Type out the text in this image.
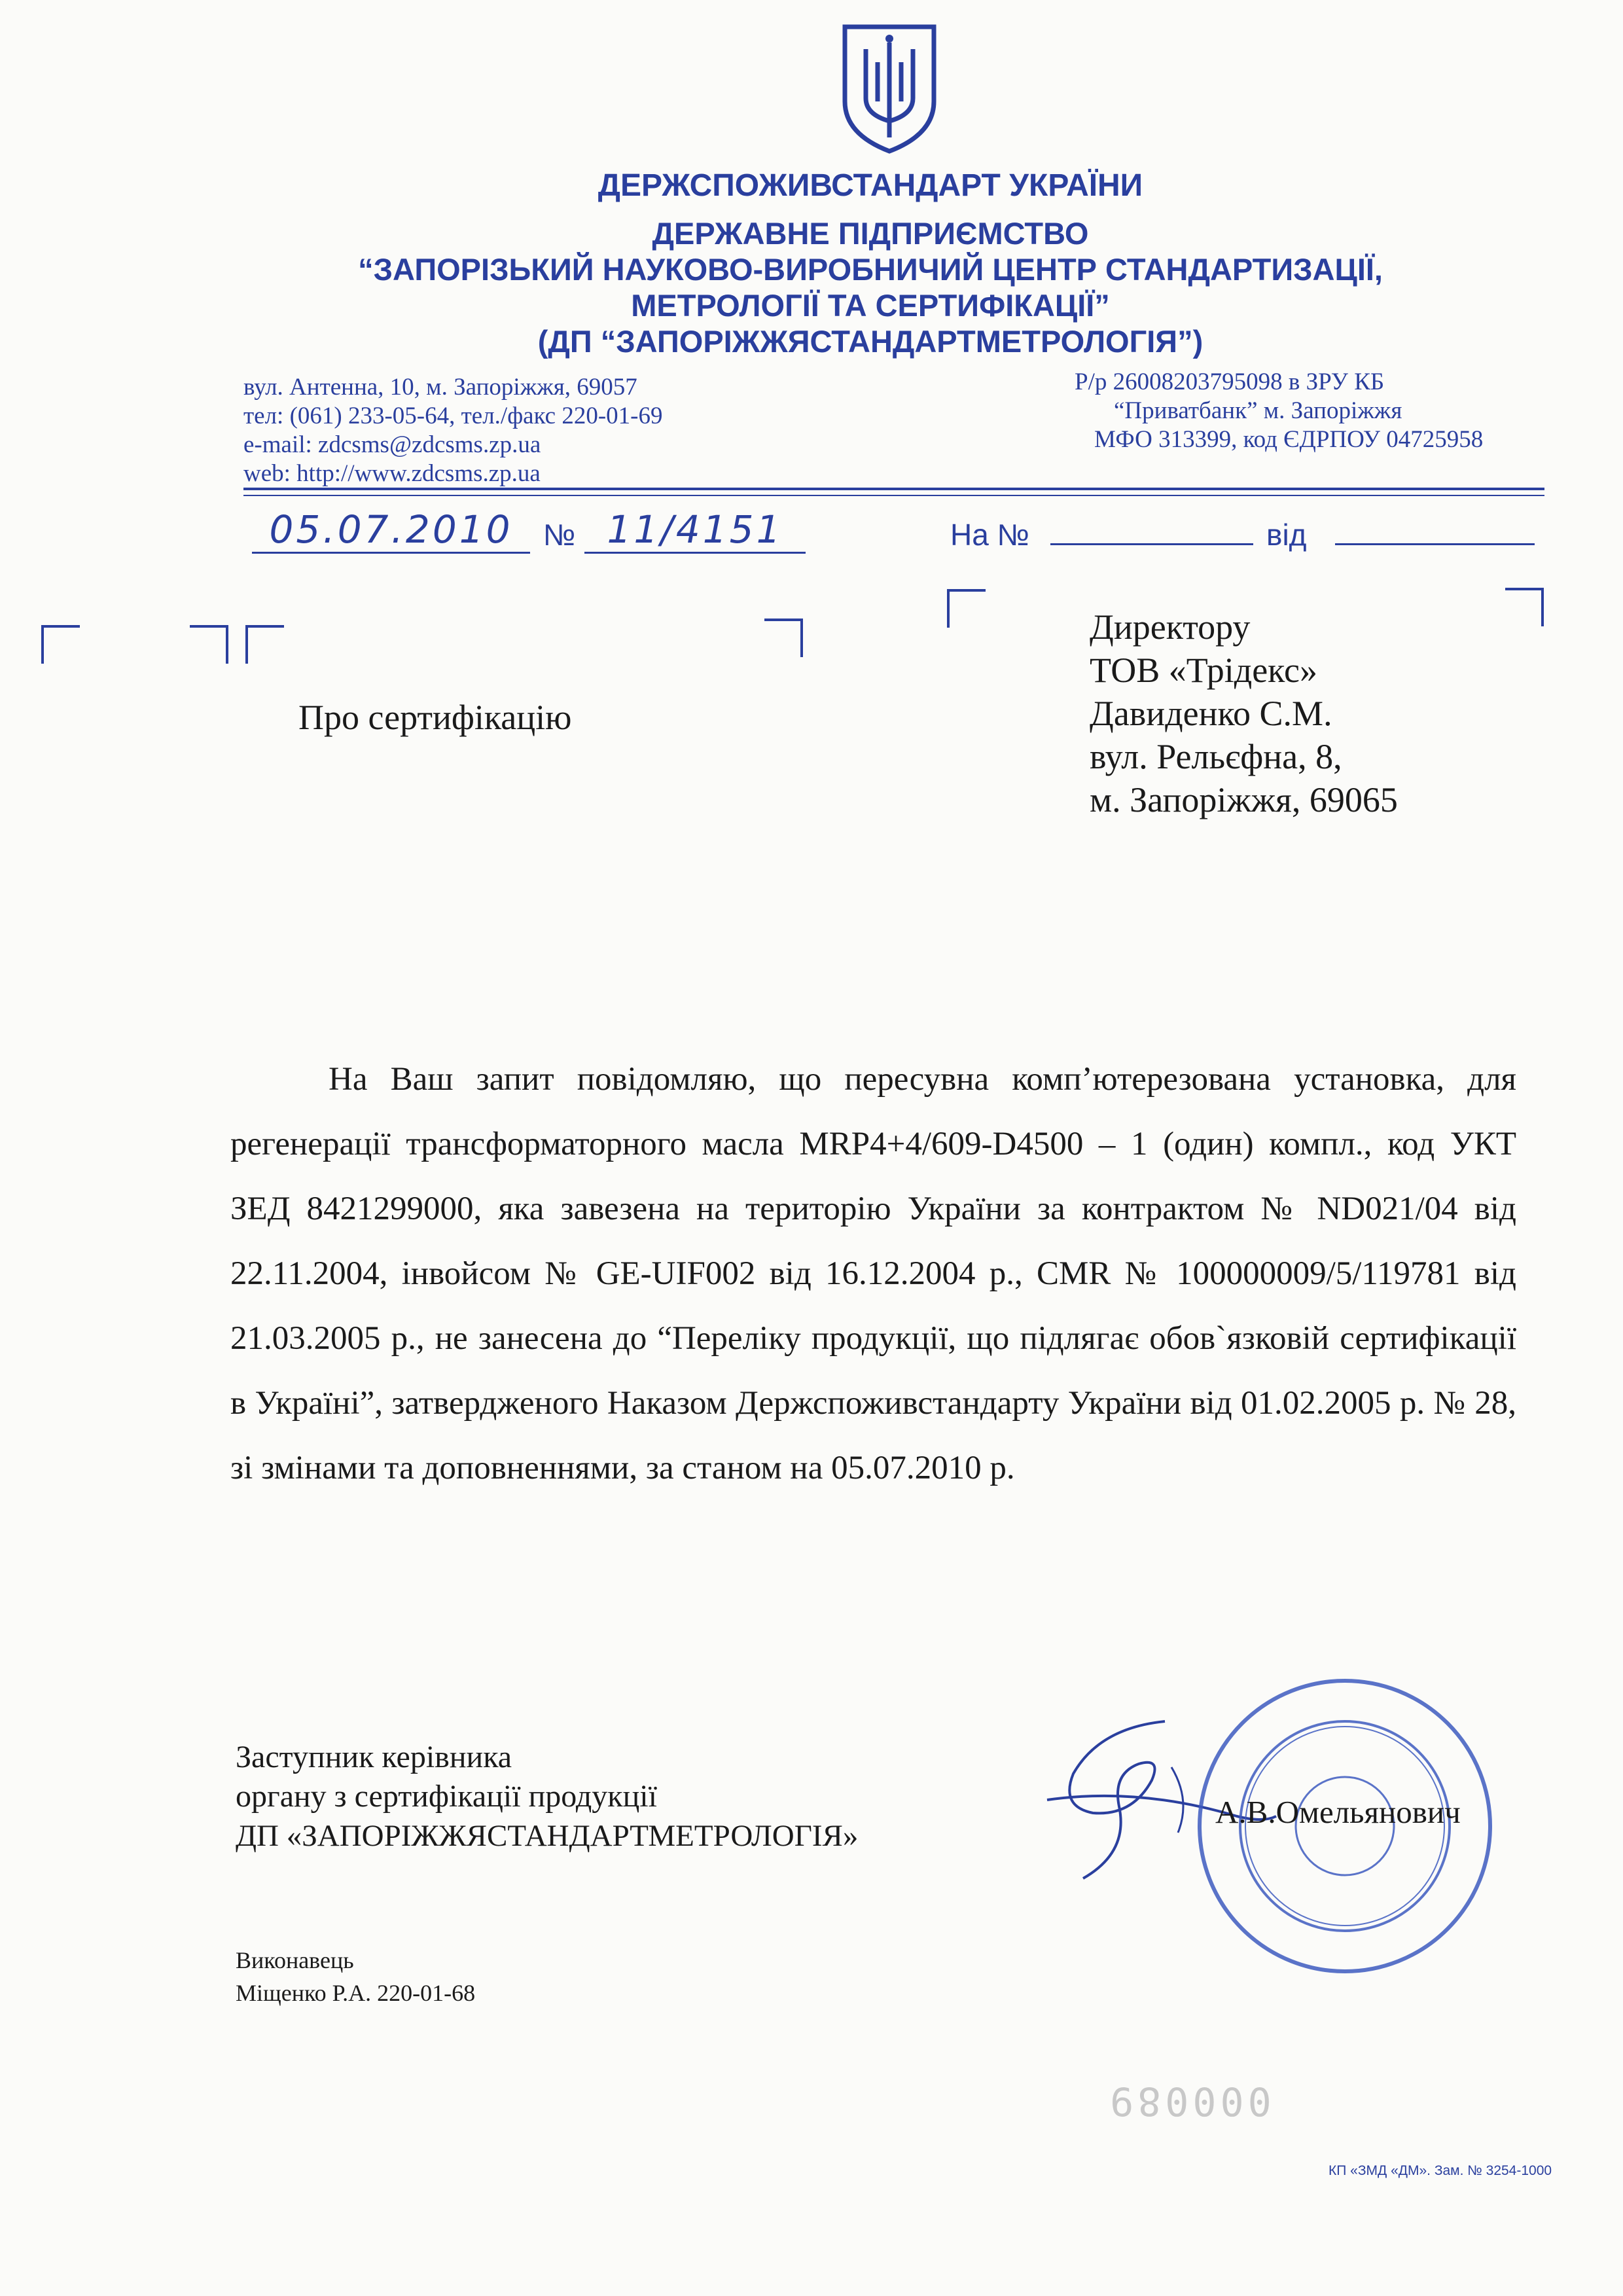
ДЕРЖСПОЖИВСТАНДАРТ УКРАЇНИ
ДЕРЖАВНЕ ПІДПРИЄМСТВО
“ЗАПОРІЗЬКИЙ НАУКОВО-ВИРОБНИЧИЙ ЦЕНТР СТАНДАРТИЗАЦІЇ,
МЕТРОЛОГІЇ ТА СЕРТИФІКАЦІЇ”
(ДП “ЗАПОРІЖЖЯСТАНДАРТМЕТРОЛОГІЯ”)
вул. Антенна, 10, м. Запоріжжя, 69057
тел: (061) 233-05-64, тел./факс 220-01-69
e-mail: zdcsms@zdcsms.zp.ua
web: http://www.zdcsms.zp.ua
Р/р 26008203795098 в ЗРУ КБ
“Приватбанк” м. Запоріжжя
МФО 313399, код ЄДРПОУ 04725958
05.07.2010	№ 11/4151	На №	від
Про сертифікацію
Директору
ТОВ «Трідекс»
Давиденко С.М.
вул. Рельєфна, 8,
м. Запоріжжя, 69065

На Ваш запит повідомляю, що пересувна комп’ютерезована установка, для регенерації трансформаторного масла MRP4+4/609-D4500 – 1 (один) компл., код УКТ ЗЕД 8421299000, яка завезена на територію України за контрактом № ND021/04 від 22.11.2004, інвойсом № GE-UIF002 від 16.12.2004 р., CMR № 100000009/5/119781 від 21.03.2005 р., не занесена до “Переліку продукції, що підлягає обов`язковій сертифікації в Україні”, затвердженого Наказом Держспоживстандарту України від 01.02.2005 р. № 28, зі змінами та доповненнями, за станом на 05.07.2010 р.

Заступник керівника
органу з сертифікації продукції
ДП «ЗАПОРІЖЖЯСТАНДАРТМЕТРОЛОГІЯ»
А.В.Омельянович
Виконавець
Міщенко Р.А. 220-01-68
000089
КП «ЗМД «ДМ». Зам. № 3254-1000
